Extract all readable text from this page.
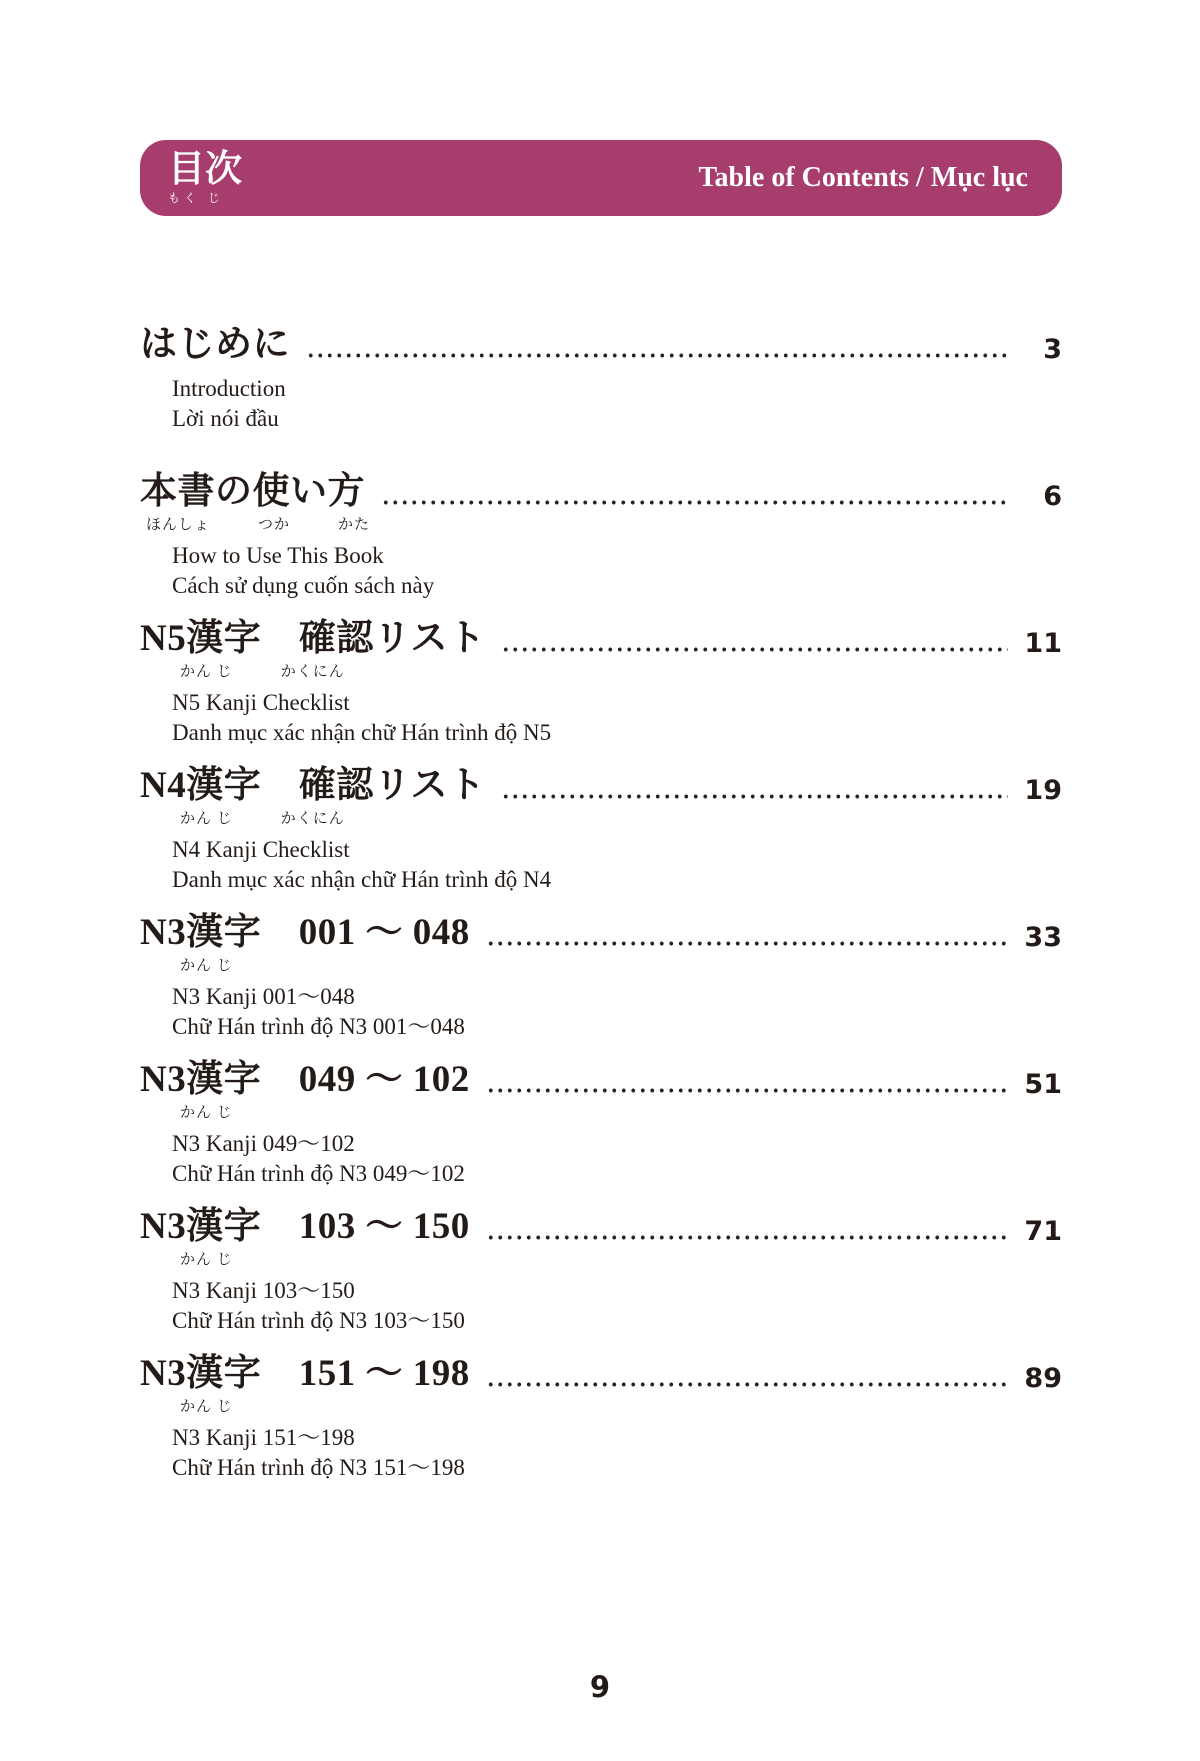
目次
もく じ
Table of Contents / Mục lục
はじめに	3
Introduction
Lời nói đầu
本書の使い方	6
ほんしょ　　　つか　　　かた
How to Use This Book
Cách sử dụng cuốn sách này
N5漢字　確認リスト	11
かん じ　　　かくにん
N5 Kanji Checklist
Danh mục xác nhận chữ Hán trình độ N5
N4漢字　確認リスト	19
かん じ　　　かくにん
N4 Kanji Checklist
Danh mục xác nhận chữ Hán trình độ N4
N3漢字　001 〜 048	33
かん じ
N3 Kanji 001〜048
Chữ Hán trình độ N3 001〜048
N3漢字　049 〜 102	51
かん じ
N3 Kanji 049〜102
Chữ Hán trình độ N3 049〜102
N3漢字　103 〜 150	71
かん じ
N3 Kanji 103〜150
Chữ Hán trình độ N3 103〜150
N3漢字　151 〜 198	89
かん じ
N3 Kanji 151〜198
Chữ Hán trình độ N3 151〜198
9
